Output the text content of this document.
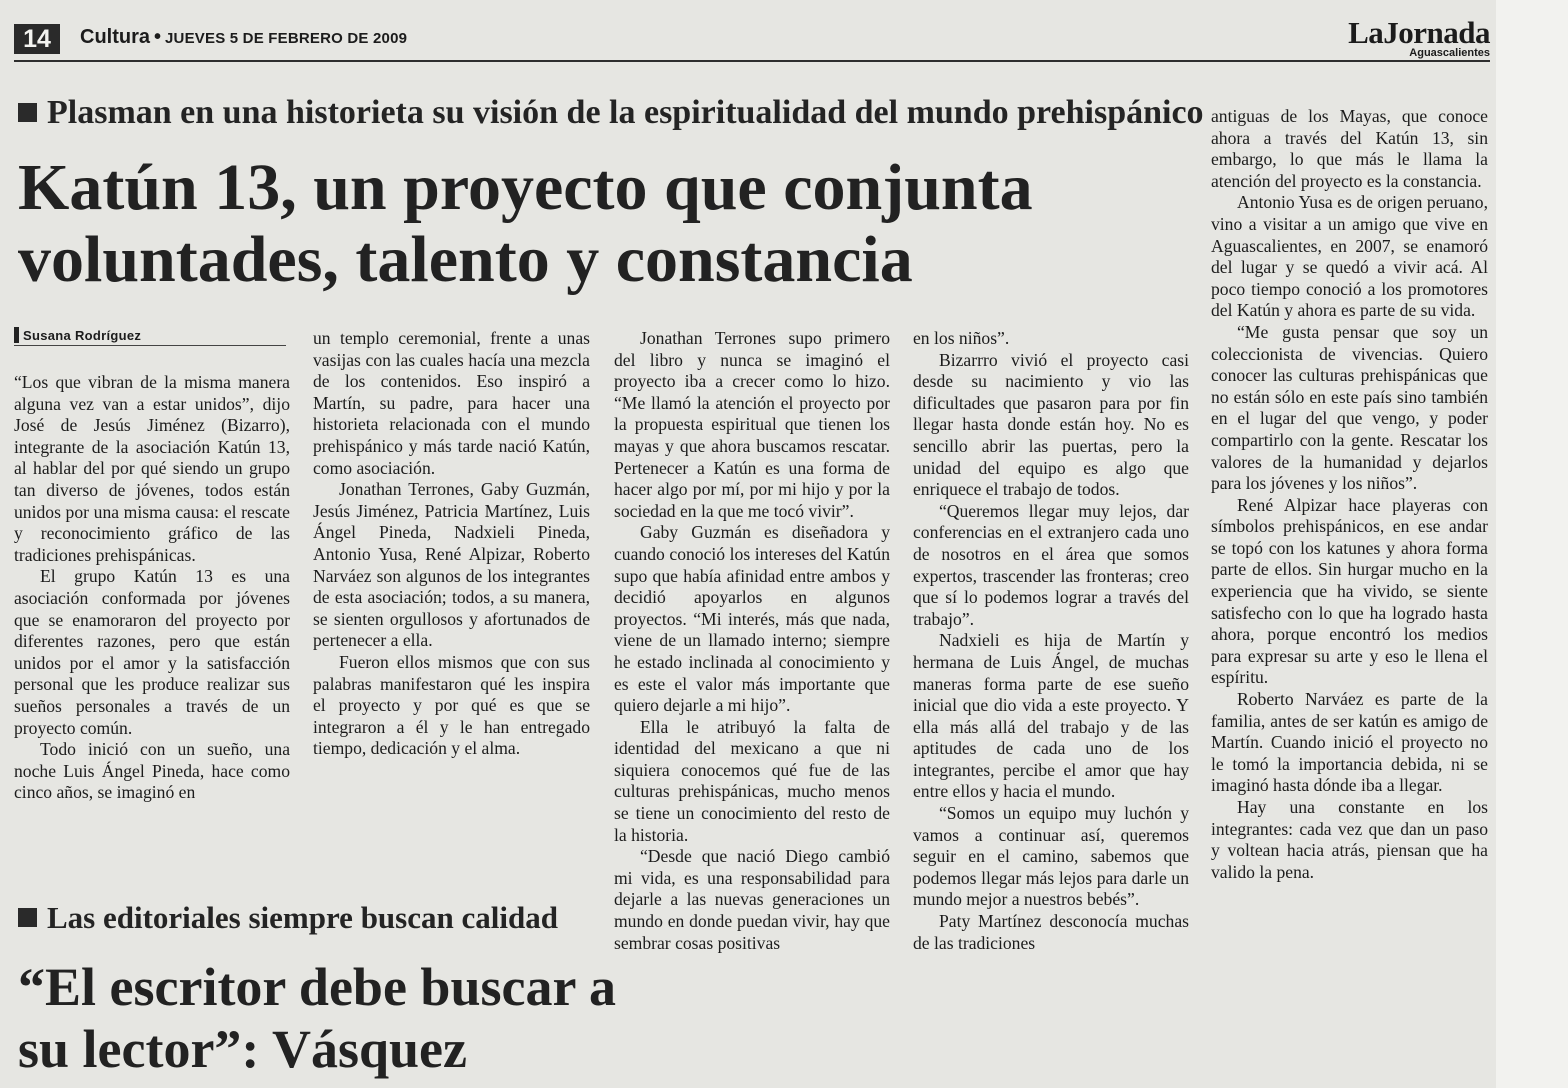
14	Cultura • JUEVES 5 DE FEBRERO DE 2009	LaJornada
Aguascalientes
Plasman en una historieta su visión de la espiritualidad del mundo prehispánico
Katún 13, un proyecto que conjunta voluntades, talento y constancia
Susana Rodríguez

“Los que vibran de la misma manera alguna vez van a estar unidos”, dijo José de Jesús Jiménez (Bizarro), integrante de la asociación Katún 13, al hablar del por qué siendo un grupo tan diverso de jóvenes, todos están unidos por una misma causa: el rescate y reconocimiento gráfico de las tradiciones prehispánicas.

El grupo Katún 13 es una asociación conformada por jóvenes que se enamoraron del proyecto por diferentes razones, pero que están unidos por el amor y la satisfacción personal que les produce realizar sus sueños personales a través de un proyecto común.

Todo inició con un sueño, una noche Luis Ángel Pineda, hace como cinco años, se imaginó en

un templo ceremonial, frente a unas vasijas con las cuales hacía una mezcla de los contenidos. Eso inspiró a Martín, su padre, para hacer una historieta relacionada con el mundo prehispánico y más tarde nació Katún, como asociación.

Jonathan Terrones, Gaby Guzmán, Jesús Jiménez, Patricia Martínez, Luis Ángel Pineda, Nadxieli Pineda, Antonio Yusa, René Alpizar, Roberto Narváez son algunos de los integrantes de esta asociación; todos, a su manera, se sienten orgullosos y afortunados de pertenecer a ella.

Fueron ellos mismos que con sus palabras manifestaron qué les inspira el proyecto y por qué es que se integraron a él y le han entregado tiempo, dedicación y el alma.

Jonathan Terrones supo primero del libro y nunca se imaginó el proyecto iba a crecer como lo hizo. “Me llamó la atención el proyecto por la propuesta espiritual que tienen los mayas y que ahora buscamos rescatar. Pertenecer a Katún es una forma de hacer algo por mí, por mi hijo y por la sociedad en la que me tocó vivir”.

Gaby Guzmán es diseñadora y cuando conoció los intereses del Katún supo que había afinidad entre ambos y decidió apoyarlos en algunos proyectos. “Mi interés, más que nada, viene de un llamado interno; siempre he estado inclinada al conocimiento y es este el valor más importante que quiero dejarle a mi hijo”.

Ella le atribuyó la falta de identidad del mexicano a que ni siquiera conocemos qué fue de las culturas prehispánicas, mucho menos se tiene un conocimiento del resto de la historia.

“Desde que nació Diego cambió mi vida, es una responsabilidad para dejarle a las nuevas generaciones un mundo en donde puedan vivir, hay que sembrar cosas positivas

en los niños”.

Bizarrro vivió el proyecto casi desde su nacimiento y vio las dificultades que pasaron para por fin llegar hasta donde están hoy. No es sencillo abrir las puertas, pero la unidad del equipo es algo que enriquece el trabajo de todos.

“Queremos llegar muy lejos, dar conferencias en el extranjero cada uno de nosotros en el área que somos expertos, trascender las fronteras; creo que sí lo podemos lograr a través del trabajo”.

Nadxieli es hija de Martín y hermana de Luis Ángel, de muchas maneras forma parte de ese sueño inicial que dio vida a este proyecto. Y ella más allá del trabajo y de las aptitudes de cada uno de los integrantes, percibe el amor que hay entre ellos y hacia el mundo.

“Somos un equipo muy luchón y vamos a continuar así, queremos seguir en el camino, sabemos que podemos llegar más lejos para darle un mundo mejor a nuestros bebés”.

Paty Martínez desconocía muchas de las tradiciones

antiguas de los Mayas, que conoce ahora a través del Katún 13, sin embargo, lo que más le llama la atención del proyecto es la constancia.

Antonio Yusa es de origen peruano, vino a visitar a un amigo que vive en Aguascalientes, en 2007, se enamoró del lugar y se quedó a vivir acá. Al poco tiempo conoció a los promotores del Katún y ahora es parte de su vida.

“Me gusta pensar que soy un coleccionista de vivencias. Quiero conocer las culturas prehispánicas que no están sólo en este país sino también en el lugar del que vengo, y poder compartirlo con la gente. Rescatar los valores de la humanidad y dejarlos para los jóvenes y los niños”.

René Alpizar hace playeras con símbolos prehispánicos, en ese andar se topó con los katunes y ahora forma parte de ellos. Sin hurgar mucho en la experiencia que ha vivido, se siente satisfecho con lo que ha logrado hasta ahora, porque encontró los medios para expresar su arte y eso le llena el espíritu.

Roberto Narváez es parte de la familia, antes de ser katún es amigo de Martín. Cuando inició el proyecto no le tomó la importancia debida, ni se imaginó hasta dónde iba a llegar.

Hay una constante en los integrantes: cada vez que dan un paso y voltean hacia atrás, piensan que ha valido la pena.

Las editoriales siempre buscan calidad
“El escritor debe buscar a su lector”: Vásquez
